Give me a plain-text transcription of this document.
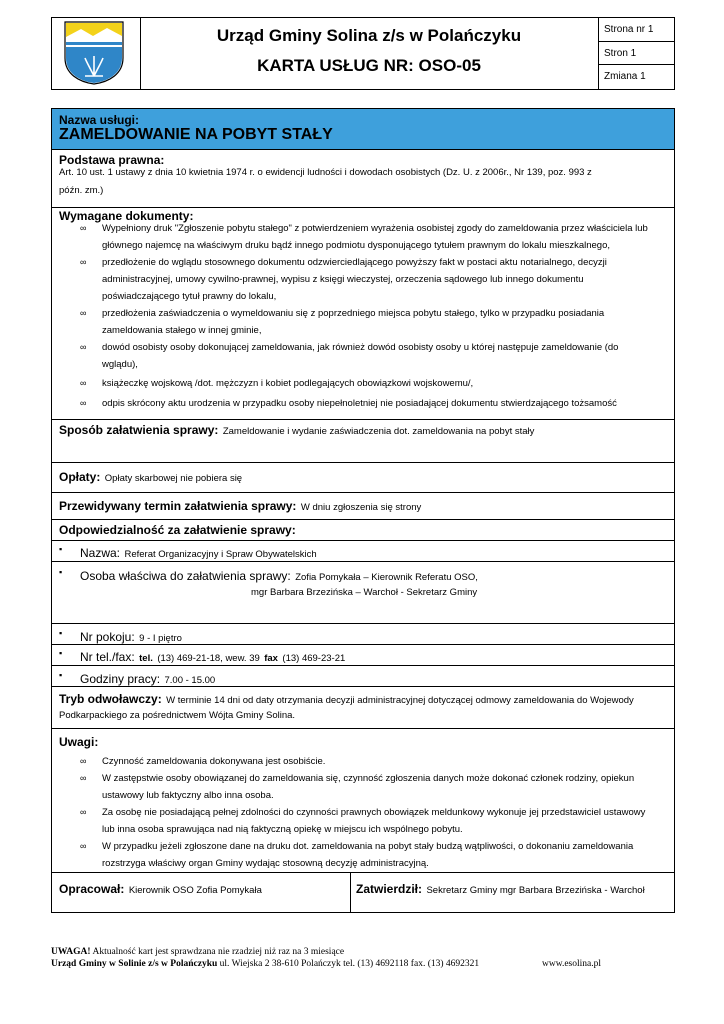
Urząd Gminy Solina z/s w Polańczyku
KARTA USŁUG NR: OSO-05
Strona nr 1
Stron 1
Zmiana 1
Nazwa usługi:
ZAMELDOWANIE NA POBYT STAŁY
Podstawa prawna:
Art. 10 ust. 1 ustawy z dnia 10 kwietnia 1974 r. o ewidencji ludności i dowodach osobistych (Dz. U. z 2006r., Nr 139, poz. 993 z
późn. zm.)
Wymagane dokumenty:
∞ Wypełniony druk "Zgłoszenie pobytu stałego" z potwierdzeniem wyrażenia osobistej zgody do zameldowania przez właściciela lub
głównego najemcę na właściwym druku bądź innego podmiotu dysponującego tytułem prawnym do lokalu mieszkalnego,
∞ przedłożenie do wglądu stosownego dokumentu odzwierciedlającego powyższy fakt w postaci aktu notarialnego, decyzji
administracyjnej, umowy cywilno-prawnej, wypisu z księgi wieczystej, orzeczenia sądowego lub innego dokumentu
poświadczającego tytuł prawny do lokalu,
∞ przedłożenia zaświadczenia o wymeldowaniu się z poprzedniego miejsca pobytu stałego, tylko w przypadku posiadania
zameldowania stałego w innej gminie,
∞ dowód osobisty osoby dokonującej zameldowania, jak również dowód osobisty osoby u której następuje zameldowanie (do
wglądu),
∞ książeczkę wojskową /dot. mężczyzn i kobiet podlegających obowiązkowi wojskowemu/,
∞ odpis skrócony aktu urodzenia w przypadku osoby niepełnoletniej nie posiadającej dokumentu stwierdzającego tożsamość
Sposób załatwienia sprawy: Zameldowanie i wydanie zaświadczenia dot. zameldowania na pobyt stały
Opłaty: Opłaty skarbowej nie pobiera się
Przewidywany termin załatwienia sprawy: W dniu zgłoszenia się strony
Odpowiedzialność za załatwienie sprawy:
▪ Nazwa: Referat Organizacyjny i Spraw Obywatelskich
▪ Osoba właściwa do załatwienia sprawy: Zofia Pomykała – Kierownik Referatu OSO,
mgr Barbara Brzezińska – Warchoł - Sekretarz Gminy
▪ Nr pokoju: 9 - I piętro
▪ Nr tel./fax: tel. (13) 469-21-18, wew. 39 fax (13) 469-23-21
▪ Godziny pracy: 7.00 - 15.00
Tryb odwoławczy: W terminie 14 dni od daty otrzymania decyzji administracyjnej dotyczącej odmowy zameldowania do Wojewody
Podkarpackiego za pośrednictwem Wójta Gminy Solina.
Uwagi:
∞ Czynność zameldowania dokonywana jest osobiście.
∞ W zastępstwie osoby obowiązanej do zameldowania się, czynność zgłoszenia danych może dokonać członek rodziny, opiekun
ustawowy lub faktyczny albo inna osoba.
∞ Za osobę nie posiadającą pełnej zdolności do czynności prawnych obowiązek meldunkowy wykonuje jej przedstawiciel ustawowy
lub inna osoba sprawująca nad nią faktyczną opiekę w miejscu ich wspólnego pobytu.
∞ W przypadku jeżeli zgłoszone dane na druku dot. zameldowania na pobyt stały budzą wątpliwości, o dokonaniu zameldowania
rozstrzyga właściwy organ Gminy wydając stosowną decyzję administracyjną.
Opracował: Kierownik OSO Zofia Pomykała	Zatwierdził: Sekretarz Gminy mgr Barbara Brzezińska - Warchoł
UWAGA! Aktualność kart jest sprawdzana nie rzadziej niż raz na 3 miesiące
Urząd Gminy w Solinie z/s w Polańczyku ul. Wiejska 2 38-610 Polańczyk tel. (13) 4692118 fax. (13) 4692321	www.esolina.pl
